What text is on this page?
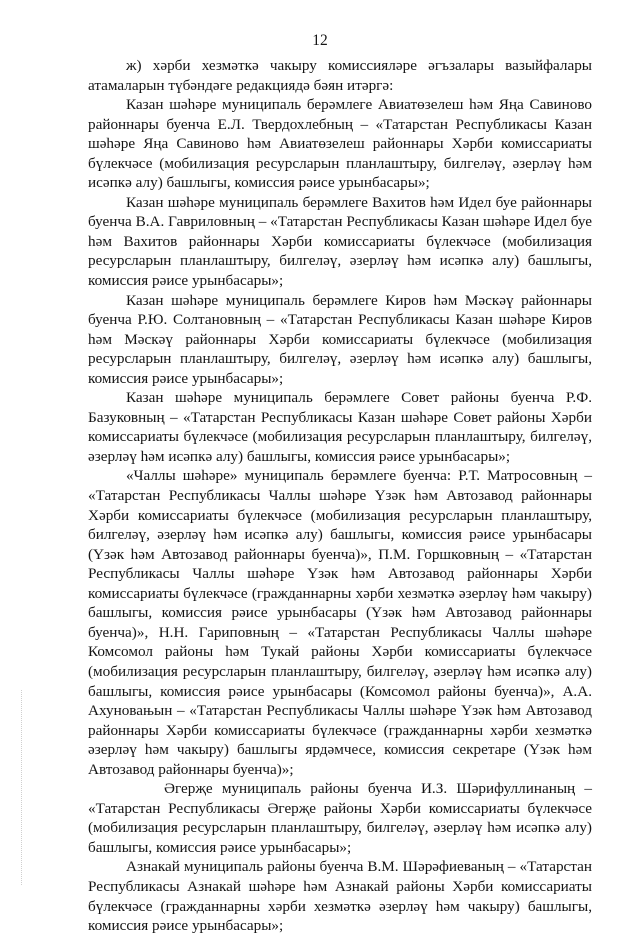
12

ж) хәрби хезмәткә чакыру комиссияләре әгъзалары вазыйфалары атамаларын түбәндәге редакциядә бәян итәргә:

Казан шәһәре муниципаль берәмлеге Авиатөзелеш һәм Яңа Савиново районнары буенча Е.Л. Твердохлебның – «Татарстан Республикасы Казан шәһәре Яңа Савиново һәм Авиатөзелеш районнары Хәрби комиссариаты бүлекчәсе (мобилизация ресурсларын планлаштыру, билгеләү, әзерләү һәм исәпкә алу) башлыгы, комиссия рәисе урынбасары»;

Казан шәһәре муниципаль берәмлеге Вахитов һәм Идел буе районнары буенча В.А. Гавриловның – «Татарстан Республикасы Казан шәһәре Идел буе һәм Вахитов районнары Хәрби комиссариаты бүлекчәсе (мобилизация ресурсларын планлаштыру, билгеләү, әзерләү һәм исәпкә алу) башлыгы, комиссия рәисе урынбасары»;

Казан шәһәре муниципаль берәмлеге Киров һәм Мәскәү районнары буенча Р.Ю. Солтановның – «Татарстан Республикасы Казан шәһәре Киров һәм Мәскәү районнары Хәрби комиссариаты бүлекчәсе (мобилизация ресурсларын планлаштыру, билгеләү, әзерләү һәм исәпкә алу) башлыгы, комиссия рәисе урынбасары»;

Казан шәһәре муниципаль берәмлеге Совет районы буенча Р.Ф. Базуковның – «Татарстан Республикасы Казан шәһәре Совет районы Хәрби комиссариаты бүлекчәсе (мобилизация ресурсларын планлаштыру, билгеләү, әзерләү һәм исәпкә алу) башлыгы, комиссия рәисе урынбасары»;

«Чаллы шәһәре» муниципаль берәмлеге буенча: Р.Т. Матросовның – «Татарстан Республикасы Чаллы шәһәре Үзәк һәм Автозавод районнары Хәрби комиссариаты бүлекчәсе (мобилизация ресурсларын планлаштыру, билгеләү, әзерләү һәм исәпкә алу) башлыгы, комиссия рәисе урынбасары (Үзәк һәм Автозавод районнары буенча)», П.М. Горшковның – «Татарстан Республикасы Чаллы шәһәре Үзәк һәм Автозавод районнары Хәрби комиссариаты бүлекчәсе (гражданнарны хәрби хезмәткә әзерләү һәм чакыру) башлыгы, комиссия рәисе урынбасары (Үзәк һәм Автозавод районнары буенча)», Н.Н. Гариповның – «Татарстан Республикасы Чаллы шәһәре Комсомол районы һәм Тукай районы Хәрби комиссариаты бүлекчәсе (мобилизация ресурсларын планлаштыру, билгеләү, әзерләү һәм исәпкә алу) башлыгы, комиссия рәисе урынбасары (Комсомол районы буенча)», А.А. Ахуновањын – «Татарстан Республикасы Чаллы шәһәре Үзәк һәм Автозавод районнары Хәрби комиссариаты бүлекчәсе (гражданнарны хәрби хезмәткә әзерләү һәм чакыру) башлыгы ярдәмчесе, комиссия секретаре (Үзәк һәм Автозавод районнары буенча)»;

Әгерҗе муниципаль районы буенча И.З. Шәрифуллинаның – «Татарстан Республикасы Әгерҗе районы Хәрби комиссариаты бүлекчәсе (мобилизация ресурсларын планлаштыру, билгеләү, әзерләү һәм исәпкә алу) башлыгы, комиссия рәисе урынбасары»;

Азнакай муниципаль районы буенча В.М. Шәрәфиеваның – «Татарстан Республикасы Азнакай шәһәре һәм Азнакай районы Хәрби комиссариаты бүлекчәсе (гражданнарны хәрби хезмәткә әзерләү һәм чакыру) башлыгы, комиссия рәисе урынбасары»;
